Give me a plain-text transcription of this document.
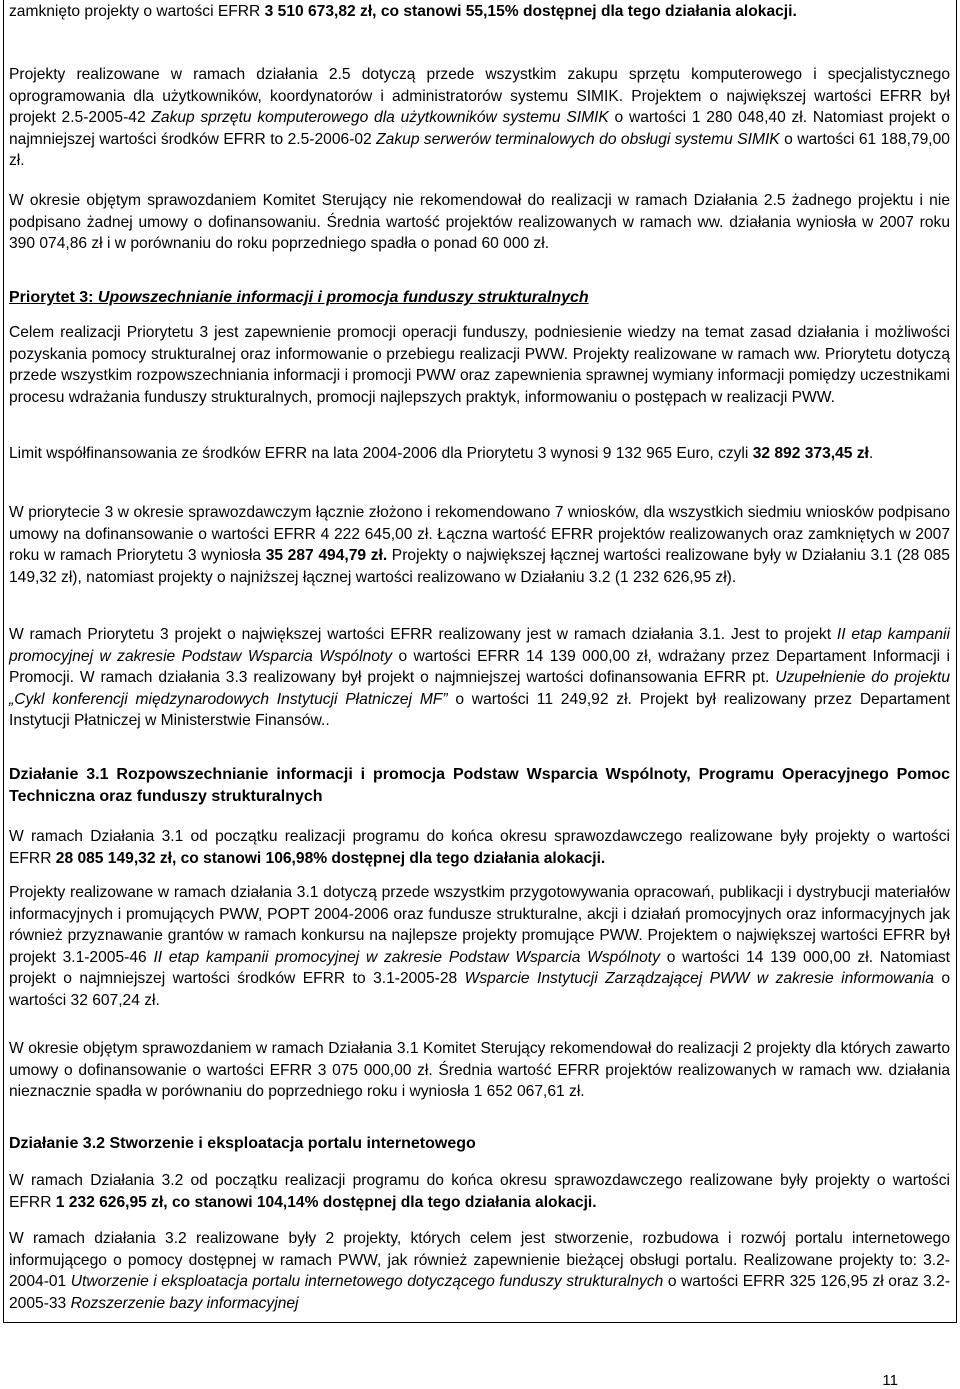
zamknięto projekty o wartości EFRR 3 510 673,82 zł, co stanowi 55,15% dostępnej dla tego działania alokacji.

Projekty realizowane w ramach działania 2.5 dotyczą przede wszystkim zakupu sprzętu komputerowego i specjalistycznego oprogramowania dla użytkowników, koordynatorów i administratorów systemu SIMIK. Projektem o największej wartości EFRR był projekt 2.5-2005-42 Zakup sprzętu komputerowego dla użytkowników systemu SIMIK o wartości 1 280 048,40 zł. Natomiast projekt o najmniejszej wartości środków EFRR to 2.5-2006-02 Zakup serwerów terminalowych do obsługi systemu SIMIK o wartości 61 188,79,00 zł.

W okresie objętym sprawozdaniem Komitet Sterujący nie rekomendował do realizacji w ramach Działania 2.5 żadnego projektu i nie podpisano żadnej umowy o dofinansowaniu. Średnia wartość projektów realizowanych w ramach ww. działania wyniosła w 2007 roku 390 074,86 zł i w porównaniu do roku poprzedniego spadła o ponad 60 000 zł.

Priorytet 3: Upowszechnianie informacji i promocja funduszy strukturalnych

Celem realizacji Priorytetu 3 jest zapewnienie promocji operacji funduszy, podniesienie wiedzy na temat zasad działania i możliwości pozyskania pomocy strukturalnej oraz informowanie o przebiegu realizacji PWW. Projekty realizowane w ramach ww. Priorytetu dotyczą przede wszystkim rozpowszechniania informacji i promocji PWW oraz zapewnienia sprawnej wymiany informacji pomiędzy uczestnikami procesu wdrażania funduszy strukturalnych, promocji najlepszych praktyk, informowaniu o postępach w realizacji PWW.

Limit współfinansowania ze środków EFRR na lata 2004-2006 dla Priorytetu 3 wynosi 9 132 965 Euro, czyli 32 892 373,45 zł.

W priorytecie 3 w okresie sprawozdawczym łącznie złożono i rekomendowano 7 wniosków, dla wszystkich siedmiu wniosków podpisano umowy na dofinansowanie o wartości EFRR 4 222 645,00 zł. Łączna wartość EFRR projektów realizowanych oraz zamkniętych w 2007 roku w ramach Priorytetu 3 wyniosła 35 287 494,79 zł. Projekty o największej łącznej wartości realizowane były w Działaniu 3.1 (28 085 149,32 zł), natomiast projekty o najniższej łącznej wartości realizowano w Działaniu 3.2 (1 232 626,95 zł).

W ramach Priorytetu 3 projekt o największej wartości EFRR realizowany jest w ramach działania 3.1. Jest to projekt II etap kampanii promocyjnej w zakresie Podstaw Wsparcia Wspólnoty o wartości EFRR 14 139 000,00 zł, wdrażany przez Departament Informacji i Promocji. W ramach działania 3.3 realizowany był projekt o najmniejszej wartości dofinansowania EFRR pt. Uzupełnienie do projektu „Cykl konferencji międzynarodowych Instytucji Płatniczej MF” o wartości 11 249,92 zł. Projekt był realizowany przez Departament Instytucji Płatniczej w Ministerstwie Finansów..

Działanie 3.1 Rozpowszechnianie informacji i promocja Podstaw Wsparcia Wspólnoty, Programu Operacyjnego Pomoc Techniczna oraz funduszy strukturalnych

W ramach Działania 3.1 od początku realizacji programu do końca okresu sprawozdawczego realizowane były projekty o wartości EFRR 28 085 149,32 zł, co stanowi 106,98% dostępnej dla tego działania alokacji.

Projekty realizowane w ramach działania 3.1 dotyczą przede wszystkim przygotowywania opracowań, publikacji i dystrybucji materiałów informacyjnych i promujących PWW, POPT 2004-2006 oraz fundusze strukturalne, akcji i działań promocyjnych oraz informacyjnych jak również przyznawanie grantów w ramach konkursu na najlepsze projekty promujące PWW. Projektem o największej wartości EFRR był projekt 3.1-2005-46 II etap kampanii promocyjnej w zakresie Podstaw Wsparcia Wspólnoty o wartości 14 139 000,00 zł. Natomiast projekt o najmniejszej wartości środków EFRR to 3.1-2005-28 Wsparcie Instytucji Zarządzającej PWW w zakresie informowania o wartości 32 607,24 zł.

W okresie objętym sprawozdaniem w ramach Działania 3.1 Komitet Sterujący rekomendował do realizacji 2 projekty dla których zawarto umowy o dofinansowanie o wartości EFRR 3 075 000,00 zł. Średnia wartość EFRR projektów realizowanych w ramach ww. działania nieznacznie spadła w porównaniu do poprzedniego roku i wyniosła 1 652 067,61 zł.

Działanie 3.2 Stworzenie i eksploatacja portalu internetowego

W ramach Działania 3.2 od początku realizacji programu do końca okresu sprawozdawczego realizowane były projekty o wartości EFRR 1 232 626,95 zł, co stanowi 104,14% dostępnej dla tego działania alokacji.

W ramach działania 3.2 realizowane były 2 projekty, których celem jest stworzenie, rozbudowa i rozwój portalu internetowego informującego o pomocy dostępnej w ramach PWW, jak również zapewnienie bieżącej obsługi portalu. Realizowane projekty to: 3.2-2004-01 Utworzenie i eksploatacja portalu internetowego dotyczącego funduszy strukturalnych o wartości EFRR 325 126,95 zł oraz 3.2-2005-33 Rozszerzenie bazy informacyjnej

11
